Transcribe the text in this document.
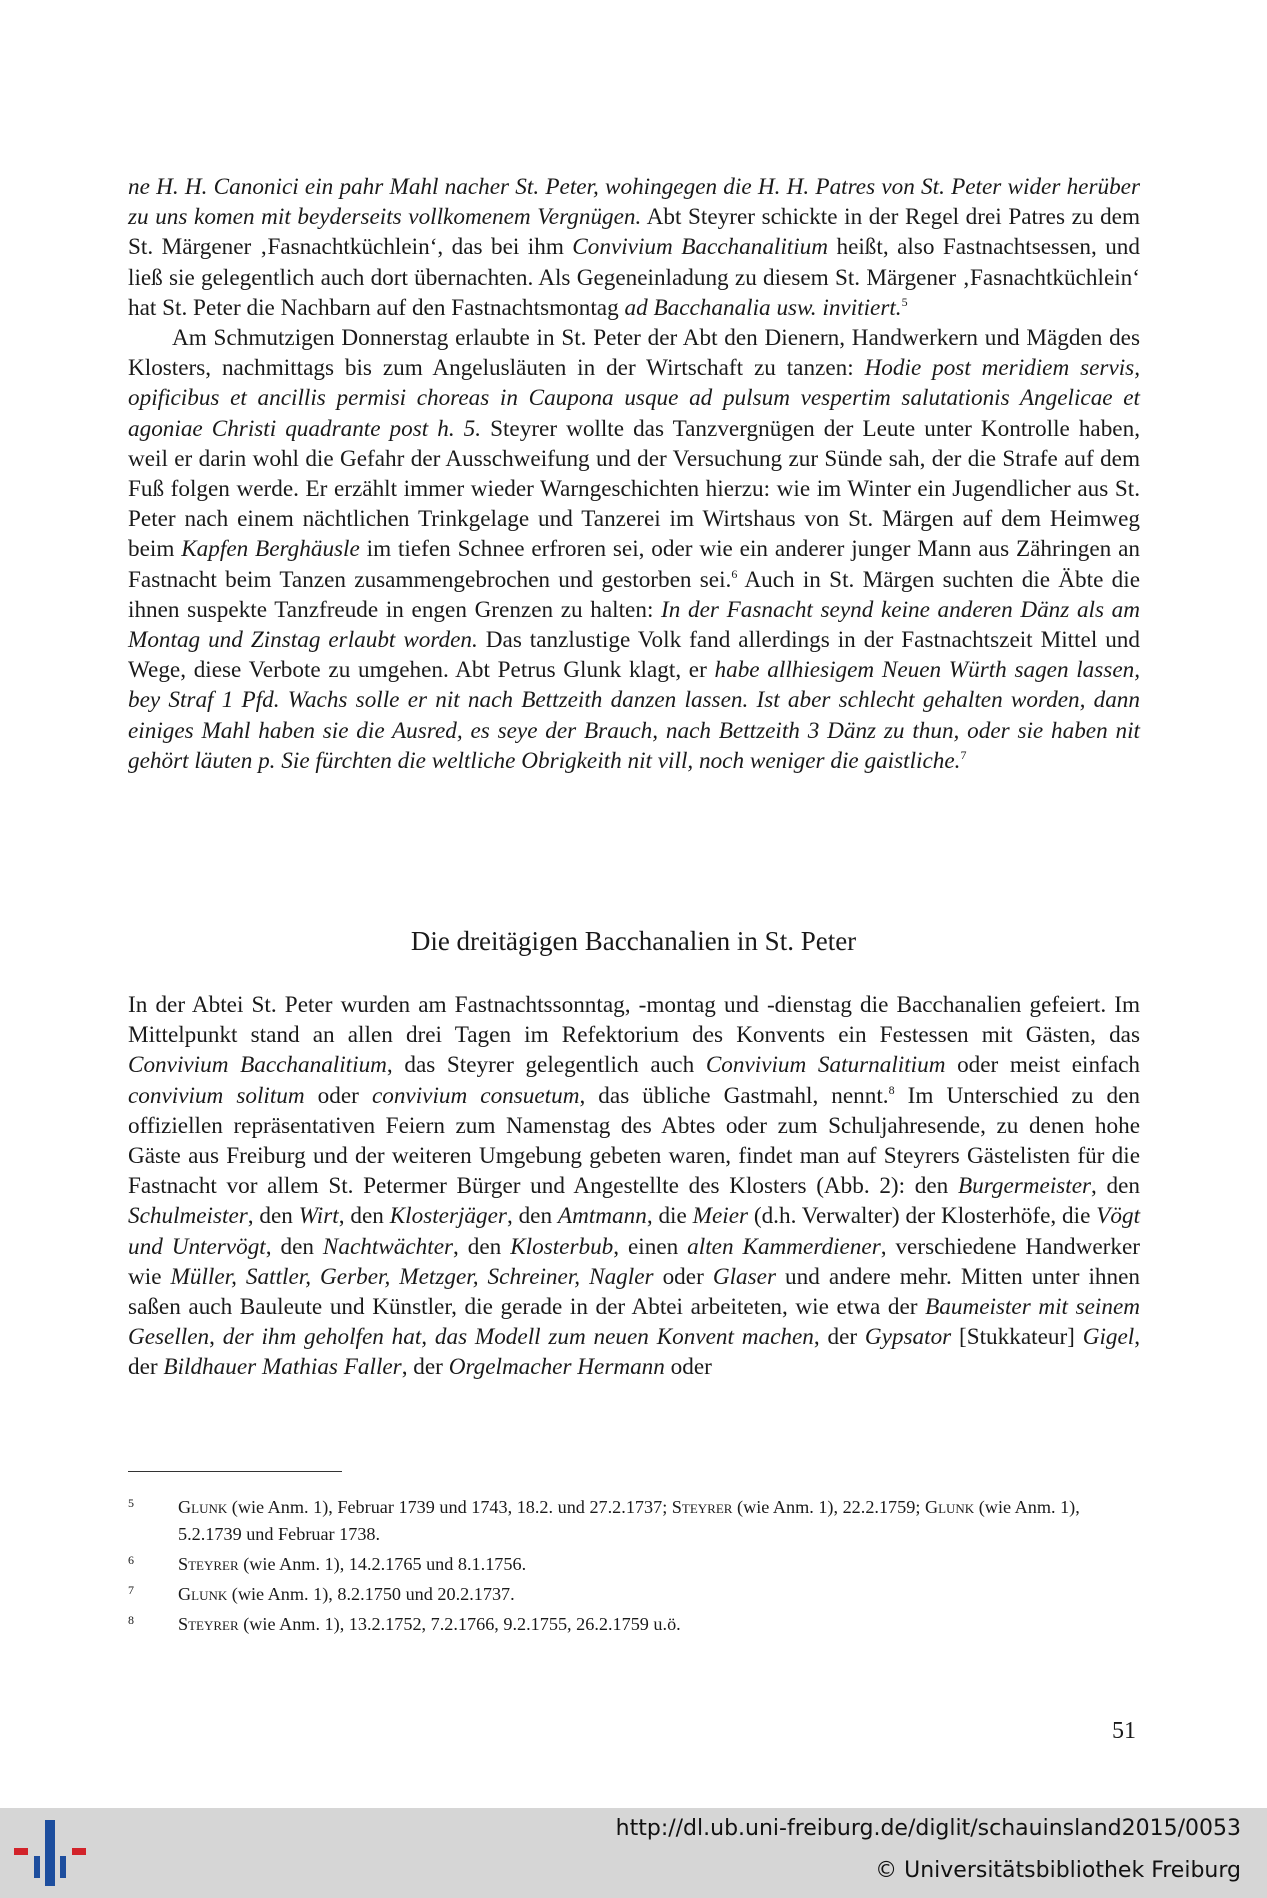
ne H. H. Canonici ein pahr Mahl nacher St. Peter, wohingegen die H. H. Patres von St. Peter wider herüber zu uns komen mit beyderseits vollkomenem Vergnügen. Abt Steyrer schickte in der Regel drei Patres zu dem St. Märgener ‚Fasnachtküchlein‘, das bei ihm Convivium Bacchanalitium heißt, also Fastnachtsessen, und ließ sie gelegentlich auch dort übernachten. Als Gegeneinladung zu diesem St. Märgener ‚Fasnachtküchlein‘ hat St. Peter die Nachbarn auf den Fastnachtsmontag ad Bacchanalia usw. invitiert.$^5$

Am Schmutzigen Donnerstag erlaubte in St. Peter der Abt den Dienern, Handwerkern und Mägden des Klosters, nachmittags bis zum Angelusläuten in der Wirtschaft zu tanzen: Hodie post meridiem servis, opificibus et ancillis permisi choreas in Caupona usque ad pulsum vespertim salutationis Angelicae et agoniae Christi quadrante post h. 5. Steyrer wollte das Tanzvergnügen der Leute unter Kontrolle haben, weil er darin wohl die Gefahr der Ausschweifung und der Versuchung zur Sünde sah, der die Strafe auf dem Fuß folgen werde. Er erzählt immer wieder Warngeschichten hierzu: wie im Winter ein Jugendlicher aus St. Peter nach einem nächtlichen Trinkgelage und Tanzerei im Wirtshaus von St. Märgen auf dem Heimweg beim Kapfen Berghäusle im tiefen Schnee erfroren sei, oder wie ein anderer junger Mann aus Zähringen an Fastnacht beim Tanzen zusammengebrochen und gestorben sei.$^6$ Auch in St. Märgen suchten die Äbte die ihnen suspekte Tanzfreude in engen Grenzen zu halten: In der Fasnacht seynd keine anderen Dänz als am Montag und Zinstag erlaubt worden. Das tanzlustige Volk fand allerdings in der Fastnachtszeit Mittel und Wege, diese Verbote zu umgehen. Abt Petrus Glunk klagt, er habe allhiesigem Neuen Würth sagen lassen, bey Straf 1 Pfd. Wachs solle er nit nach Bettzeith danzen lassen. Ist aber schlecht gehalten worden, dann einiges Mahl haben sie die Ausred, es seye der Brauch, nach Bettzeith 3 Dänz zu thun, oder sie haben nit gehört läuten p. Sie fürchten die weltliche Obrigkeith nit vill, noch weniger die gaistliche.$^7$

Die dreitägigen Bacchanalien in St. Peter

In der Abtei St. Peter wurden am Fastnachtssonntag, -montag und -dienstag die Bacchanalien gefeiert. Im Mittelpunkt stand an allen drei Tagen im Refektorium des Konvents ein Festessen mit Gästen, das Convivium Bacchanalitium, das Steyrer gelegentlich auch Convivium Saturnalitium oder meist einfach convivium solitum oder convivium consuetum, das übliche Gastmahl, nennt.$^8$ Im Unterschied zu den offiziellen repräsentativen Feiern zum Namenstag des Abtes oder zum Schuljahresende, zu denen hohe Gäste aus Freiburg und der weiteren Umgebung gebeten waren, findet man auf Steyrers Gästelisten für die Fastnacht vor allem St. Petermer Bürger und Angestellte des Klosters (Abb. 2): den Burgermeister, den Schulmeister, den Wirt, den Klosterjäger, den Amtmann, die Meier (d.h. Verwalter) der Klosterhöfe, die Vögt und Untervögt, den Nachtwächter, den Klosterbub, einen alten Kammerdiener, verschiedene Handwerker wie Müller, Sattler, Gerber, Metzger, Schreiner, Nagler oder Glaser und andere mehr. Mitten unter ihnen saßen auch Bauleute und Künstler, die gerade in der Abtei arbeiteten, wie etwa der Baumeister mit seinem Gesellen, der ihm geholfen hat, das Modell zum neuen Konvent machen, der Gypsator [Stukkateur] Gigel, der Bildhauer Mathias Faller, der Orgelmacher Hermann oder

5 Glunk (wie Anm. 1), Februar 1739 und 1743, 18.2. und 27.2.1737; Steyrer (wie Anm. 1), 22.2.1759; Glunk (wie Anm. 1), 5.2.1739 und Februar 1738.
6 Steyrer (wie Anm. 1), 14.2.1765 und 8.1.1756.
7 Glunk (wie Anm. 1), 8.2.1750 und 20.2.1737.
8 Steyrer (wie Anm. 1), 13.2.1752, 7.2.1766, 9.2.1755, 26.2.1759 u.ö.
51
http://dl.ub.uni-freiburg.de/diglit/schauinsland2015/0053
© Universitätsbibliothek Freiburg
